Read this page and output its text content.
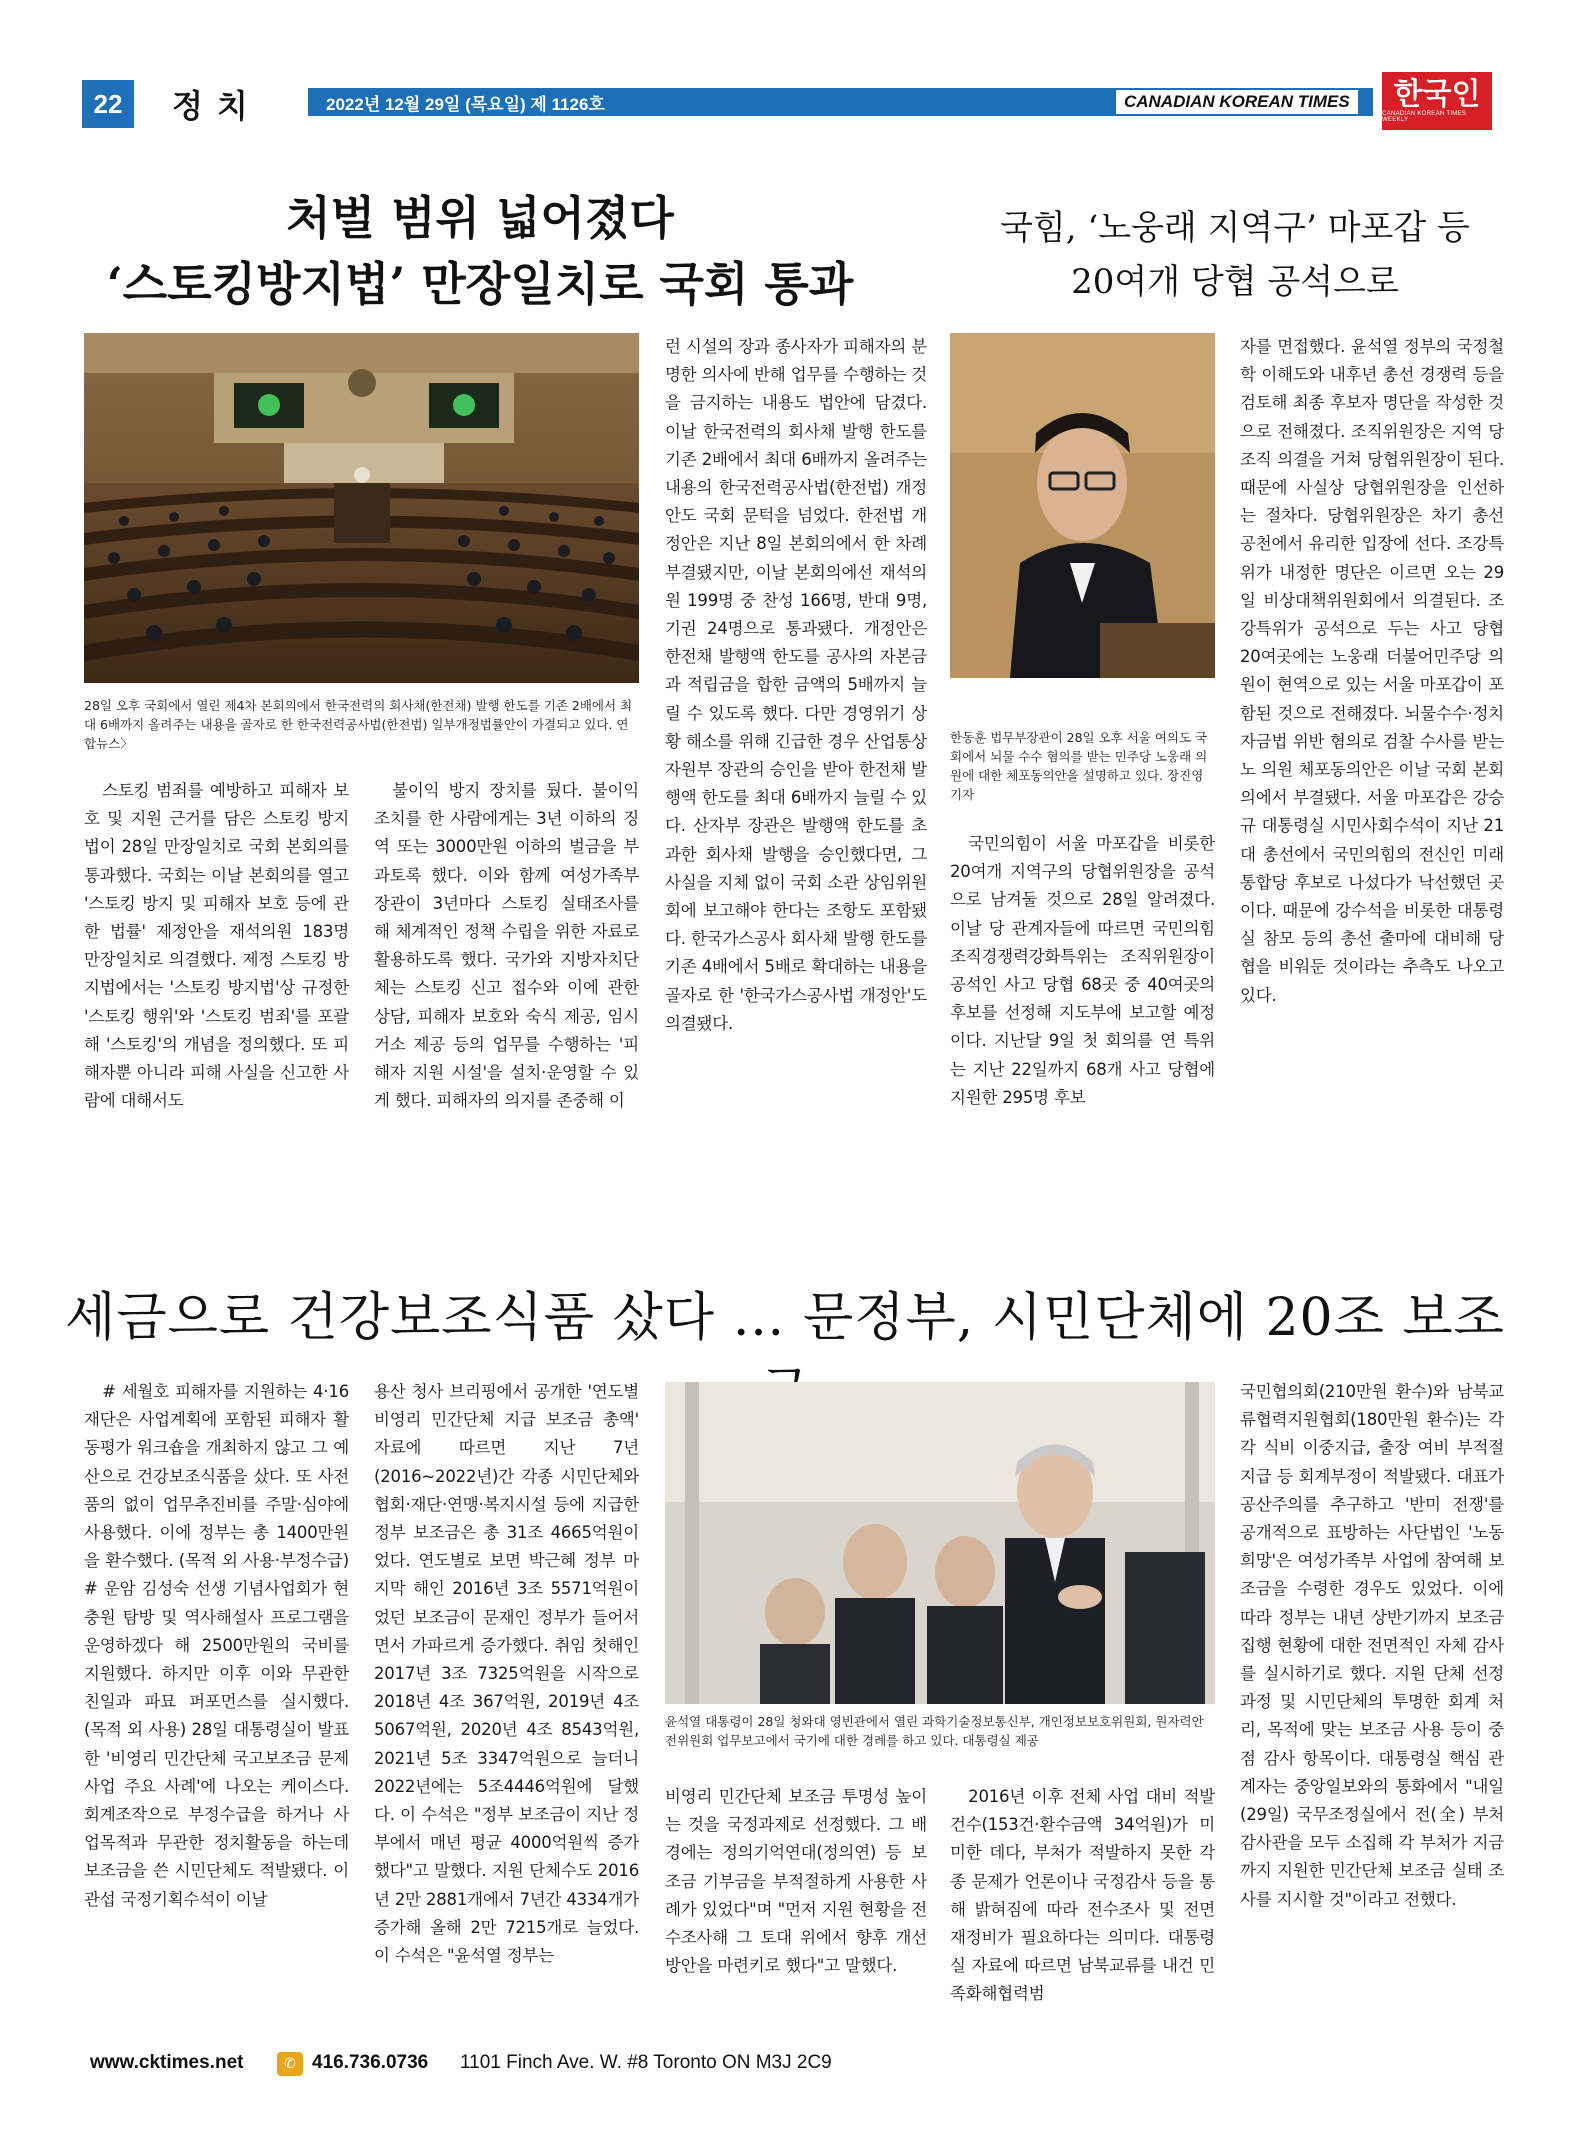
22	정치	2022년 12월 29일 (목요일) 제 1126호	CANADIAN KOREAN TIMES 한국인
CANADIAN KOREAN TIMES WEEKLY
처벌 범위 넓어졌다
‘스토킹방지법’ 만장일치로 국회 통과
28일 오후 국회에서 열린 제4차 본회의에서 한국전력의 회사채(한전채) 발행 한도를 기존 2배에서 최대 6배까지 올려주는 내용을 골자로 한 한국전력공사법(한전법) 일부개정법률안이 가결되고 있다. 연합뉴스〉
스토킹 범죄를 예방하고 피해자 보호 및 지원 근거를 담은 스토킹 방지법이 28일 만장일치로 국회 본회의를 통과했다. 국회는 이날 본회의를 열고 '스토킹 방지 및 피해자 보호 등에 관한 법률' 제정안을 재석의원 183명 만장일치로 의결했다. 제정 스토킹 방지법에서는 '스토킹 방지법'상 규정한 '스토킹 행위'와 '스토킹 범죄'를 포괄해 '스토킹'의 개념을 정의했다. 또 피해자뿐 아니라 피해 사실을 신고한 사람에 대해서도
불이익 방지 장치를 뒀다. 불이익 조치를 한 사람에게는 3년 이하의 징역 또는 3000만원 이하의 벌금을 부과토록 했다. 이와 함께 여성가족부 장관이 3년마다 스토킹 실태조사를 해 체계적인 정책 수립을 위한 자료로 활용하도록 했다. 국가와 지방자치단체는 스토킹 신고 접수와 이에 관한 상담, 피해자 보호와 숙식 제공, 임시 거소 제공 등의 업무를 수행하는 '피해자 지원 시설'을 설치·운영할 수 있게 했다. 피해자의 의지를 존중해 이
런 시설의 장과 종사자가 피해자의 분명한 의사에 반해 업무를 수행하는 것을 금지하는 내용도 법안에 담겼다. 이날 한국전력의 회사채 발행 한도를 기존 2배에서 최대 6배까지 올려주는 내용의 한국전력공사법(한전법) 개정안도 국회 문턱을 넘었다. 한전법 개정안은 지난 8일 본회의에서 한 차례 부결됐지만, 이날 본회의에선 재석의원 199명 중 찬성 166명, 반대 9명, 기권 24명으로 통과됐다. 개정안은 한전채 발행액 한도를 공사의 자본금과 적립금을 합한 금액의 5배까지 늘릴 수 있도록 했다. 다만 경영위기 상황 해소를 위해 긴급한 경우 산업통상자원부 장관의 승인을 받아 한전채 발행액 한도를 최대 6배까지 늘릴 수 있다. 산자부 장관은 발행액 한도를 초과한 회사채 발행을 승인했다면, 그 사실을 지체 없이 국회 소관 상임위원회에 보고해야 한다는 조항도 포함됐다. 한국가스공사 회사채 발행 한도를 기존 4배에서 5배로 확대하는 내용을 골자로 한 '한국가스공사법 개정안'도 의결됐다.
국힘, ‘노웅래 지역구’ 마포갑 등
20여개 당협 공석으로
한동훈 법무부장관이 28일 오후 서울 여의도 국회에서 뇌물 수수 혐의를 받는 민주당 노웅래 의원에 대한 체포동의안을 설명하고 있다. 장진영 기자
국민의힘이 서울 마포갑을 비롯한 20여개 지역구의 당협위원장을 공석으로 남겨둘 것으로 28일 알려졌다. 이날 당 관계자들에 따르면 국민의힘 조직경쟁력강화특위는 조직위원장이 공석인 사고 당협 68곳 중 40여곳의 후보를 선정해 지도부에 보고할 예정이다. 지난달 9일 첫 회의를 연 특위는 지난 22일까지 68개 사고 당협에 지원한 295명 후보
자를 면접했다. 윤석열 정부의 국정철학 이해도와 내후년 총선 경쟁력 등을 검토해 최종 후보자 명단을 작성한 것으로 전해졌다. 조직위원장은 지역 당조직 의결을 거쳐 당협위원장이 된다. 때문에 사실상 당협위원장을 인선하는 절차다. 당협위원장은 차기 총선 공천에서 유리한 입장에 선다. 조강특위가 내정한 명단은 이르면 오는 29일 비상대책위원회에서 의결된다. 조강특위가 공석으로 두는 사고 당협 20여곳에는 노웅래 더불어민주당 의원이 현역으로 있는 서울 마포갑이 포함된 것으로 전해졌다. 뇌물수수·정치자금법 위반 혐의로 검찰 수사를 받는 노 의원 체포동의안은 이날 국회 본회의에서 부결됐다. 서울 마포갑은 강승규 대통령실 시민사회수석이 지난 21대 총선에서 국민의힘의 전신인 미래통합당 후보로 나섰다가 낙선했던 곳이다. 때문에 강수석을 비롯한 대통령실 참모 등의 총선 출마에 대비해 당협을 비워둔 것이라는 추측도 나오고 있다.
세금으로 건강보조식품 샀다 … 문정부, 시민단체에 20조 보조
# 세월호 피해자를 지원하는 4·16 재단은 사업계획에 포함된 피해자 활동평가 워크숍을 개최하지 않고 그 예산으로 건강보조식품을 샀다. 또 사전 품의 없이 업무추진비를 주말·심야에 사용했다. 이에 정부는 총 1400만원을 환수했다. (목적 외 사용·부정수급) # 운암 김성숙 선생 기념사업회가 현충원 탐방 및 역사해설사 프로그램을 운영하겠다 해 2500만원의 국비를 지원했다. 하지만 이후 이와 무관한 친일과 파묘 퍼포먼스를 실시했다. (목적 외 사용) 28일 대통령실이 발표한 '비영리 민간단체 국고보조금 문제사업 주요 사례'에 나오는 케이스다. 회계조작으로 부정수급을 하거나 사업목적과 무관한 정치활동을 하는데 보조금을 쓴 시민단체도 적발됐다. 이관섭 국정기획수석이 이날
용산 청사 브리핑에서 공개한 '연도별 비영리 민간단체 지급 보조금 총액' 자료에 따르면 지난 7년(2016~2022년)간 각종 시민단체와 협회·재단·연맹·복지시설 등에 지급한 정부 보조금은 총 31조 4665억원이었다. 연도별로 보면 박근혜 정부 마지막 해인 2016년 3조 5571억원이었던 보조금이 문재인 정부가 들어서면서 가파르게 증가했다. 취임 첫해인 2017년 3조 7325억원을 시작으로 2018년 4조 367억원, 2019년 4조 5067억원, 2020년 4조 8543억원, 2021년 5조 3347억원으로 늘더니 2022년에는 5조4446억원에 달했다. 이 수석은 "정부 보조금이 지난 정부에서 매년 평균 4000억원씩 증가했다"고 말했다. 지원 단체수도 2016년 2만 2881개에서 7년간 4334개가 증가해 올해 2만 7215개로 늘었다. 이 수석은 "윤석열 정부는
윤석열 대통령이 28일 청와대 영빈관에서 열린 과학기술정보통신부, 개인정보보호위원회, 원자력안전위원회 업무보고에서 국기에 대한 경례를 하고 있다. 대통령실 제공
비영리 민간단체 보조금 투명성 높이는 것을 국정과제로 선정했다. 그 배경에는 정의기억연대(정의연) 등 보조금 기부금을 부적절하게 사용한 사례가 있었다"며 "먼저 지원 현황을 전수조사해 그 토대 위에서 향후 개선 방안을 마련키로 했다"고 말했다.
2016년 이후 전체 사업 대비 적발 건수(153건·환수금액 34억원)가 미미한 데다, 부처가 적발하지 못한 각종 문제가 언론이나 국정감사 등을 통해 밝혀짐에 따라 전수조사 및 전면 재정비가 필요하다는 의미다. 대통령실 자료에 따르면 남북교류를 내건 민족화해협력범
국민협의회(210만원 환수)와 남북교류협력지원협회(180만원 환수)는 각각 식비 이중지급, 출장 여비 부적절 지급 등 회계부정이 적발됐다. 대표가 공산주의를 추구하고 '반미 전쟁'를 공개적으로 표방하는 사단법인 '노동희망'은 여성가족부 사업에 참여해 보조금을 수령한 경우도 있었다. 이에 따라 정부는 내년 상반기까지 보조금 집행 현황에 대한 전면적인 자체 감사를 실시하기로 했다. 지원 단체 선정 과정 및 시민단체의 투명한 회계 처리, 목적에 맞는 보조금 사용 등이 중점 감사 항목이다. 대통령실 핵심 관계자는 중앙일보와의 통화에서 "내일(29일) 국무조정실에서 전(全) 부처 감사관을 모두 소집해 각 부처가 지금까지 지원한 민간단체 보조금 실태 조사를 지시할 것"이라고 전했다.
www.cktimes.net	✆ 416.736.0736 1101 Finch Ave. W. #8 Toronto ON M3J 2C9
